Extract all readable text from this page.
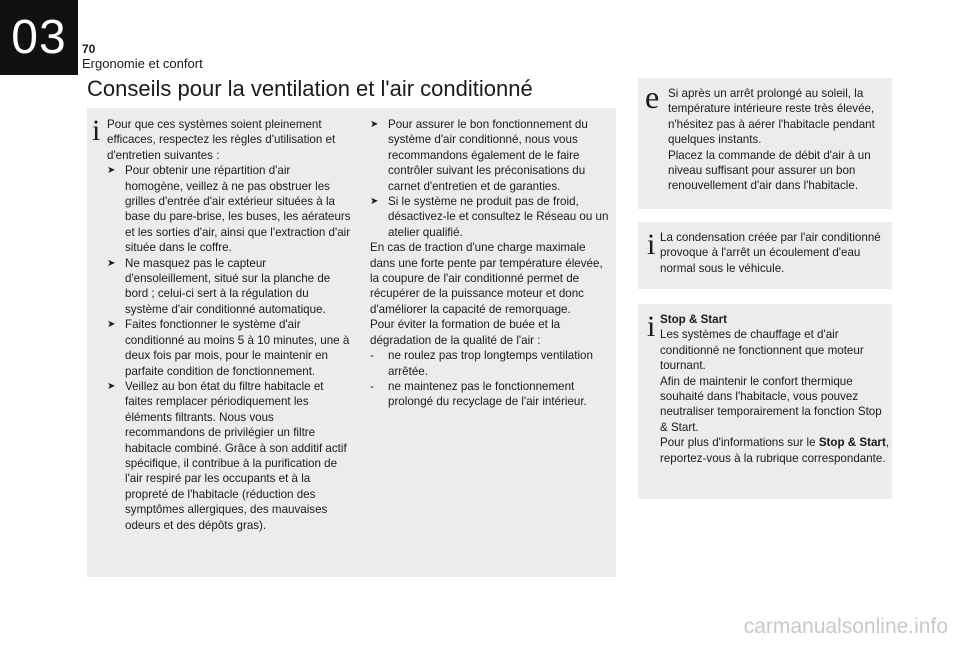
03 70
Ergonomie et confort
Conseils pour la ventilation et l'air conditionné
i Pour que ces systèmes soient pleinement efficaces, respectez les règles d'utilisation et d'entretien suivantes :

➤ Pour obtenir une répartition d'air homogène, veillez à ne pas obstruer les grilles d'entrée d'air extérieur situées à la base du pare-brise, les buses, les aérateurs et les sorties d'air, ainsi que l'extraction d'air située dans le coffre.
➤ Ne masquez pas le capteur d'ensoleillement, situé sur la planche de bord ; celui-ci sert à la régulation du système d'air conditionné automatique.
➤ Faites fonctionner le système d'air conditionné au moins 5 à 10 minutes, une à deux fois par mois, pour le maintenir en parfaite condition de fonctionnement.
➤ Veillez au bon état du filtre habitacle et faites remplacer périodiquement les éléments filtrants. Nous vous recommandons de privilégier un filtre habitacle combiné. Grâce à son additif actif spécifique, il contribue à la purification de l'air respiré par les occupants et à la propreté de l'habitacle (réduction des symptômes allergiques, des mauvaises odeurs et des dépôts gras).
➤ Pour assurer le bon fonctionnement du système d'air conditionné, nous vous recommandons également de le faire contrôler suivant les préconisations du carnet d'entretien et de garanties.
➤ Si le système ne produit pas de froid, désactivez-le et consultez le Réseau ou un atelier qualifié.

En cas de traction d'une charge maximale dans une forte pente par température élevée, la coupure de l'air conditionné permet de récupérer de la puissance moteur et donc d'améliorer la capacité de remorquage.

Pour éviter la formation de buée et la dégradation de la qualité de l'air :

-	ne roulez pas trop longtemps ventilation arrêtée.
-	ne maintenez pas le fonctionnement prolongé du recyclage de l'air intérieur.
e Si après un arrêt prolongé au soleil, la température intérieure reste très élevée, n'hésitez pas à aérer l'habitacle pendant quelques instants.

Placez la commande de débit d'air à un niveau suffisant pour assurer un bon renouvellement d'air dans l'habitacle.

i La condensation créée par l'air conditionné provoque à l'arrêt un écoulement d'eau normal sous le véhicule.

i Stop & Start

Les systèmes de chauffage et d'air conditionné ne fonctionnent que moteur tournant.

Afin de maintenir le confort thermique souhaité dans l'habitacle, vous pouvez neutraliser temporairement la fonction Stop & Start.

Pour plus d'informations sur le Stop & Start, reportez-vous à la rubrique correspondante.

carmanualsonline.info
